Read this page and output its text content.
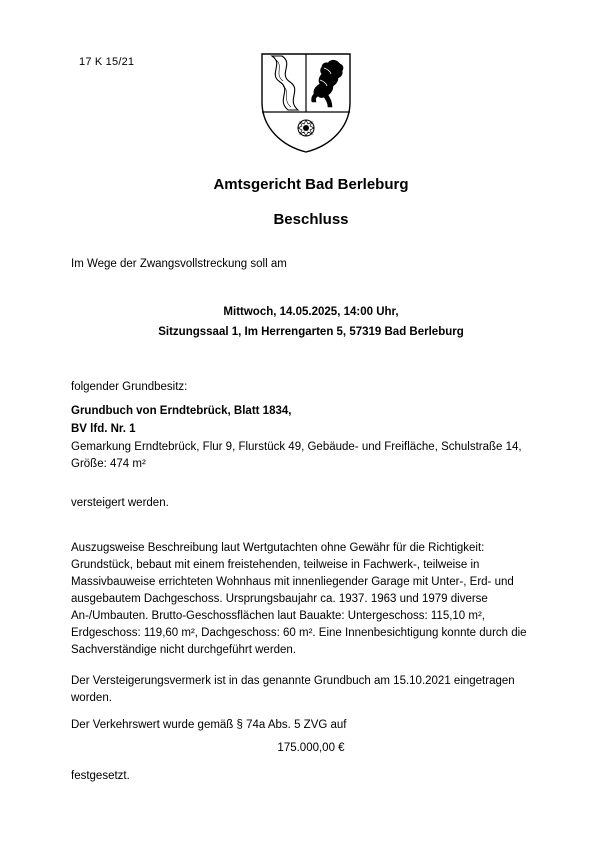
17 K 15/21
Amtsgericht Bad Berleburg
Beschluss
Im Wege der Zwangsvollstreckung soll am
Mittwoch, 14.05.2025, 14:00 Uhr,
Sitzungssaal 1, Im Herrengarten 5, 57319 Bad Berleburg
folgender Grundbesitz:
Grundbuch von Erndtebrück, Blatt 1834,
BV lfd. Nr. 1
Gemarkung Erndtebrück, Flur 9, Flurstück 49, Gebäude- und Freifläche, Schulstraße 14, Größe: 474 m²
versteigert werden.
Auszugsweise Beschreibung laut Wertgutachten ohne Gewähr für die Richtigkeit: Grundstück, bebaut mit einem freistehenden, teilweise in Fachwerk-, teilweise in Massivbauweise errichteten Wohnhaus mit innenliegender Garage mit Unter-, Erd- und ausgebautem Dachgeschoss. Ursprungsbaujahr ca. 1937. 1963 und 1979 diverse An-/Umbauten. Brutto-Geschossflächen laut Bauakte: Untergeschoss: 115,10 m², Erdgeschoss: 119,60 m², Dachgeschoss: 60 m². Eine Innenbesichtigung konnte durch die Sachverständige nicht durchgeführt werden.
Der Versteigerungsvermerk ist in das genannte Grundbuch am 15.10.2021 eingetragen worden.
Der Verkehrswert wurde gemäß § 74a Abs. 5 ZVG auf
175.000,00 €
festgesetzt.
